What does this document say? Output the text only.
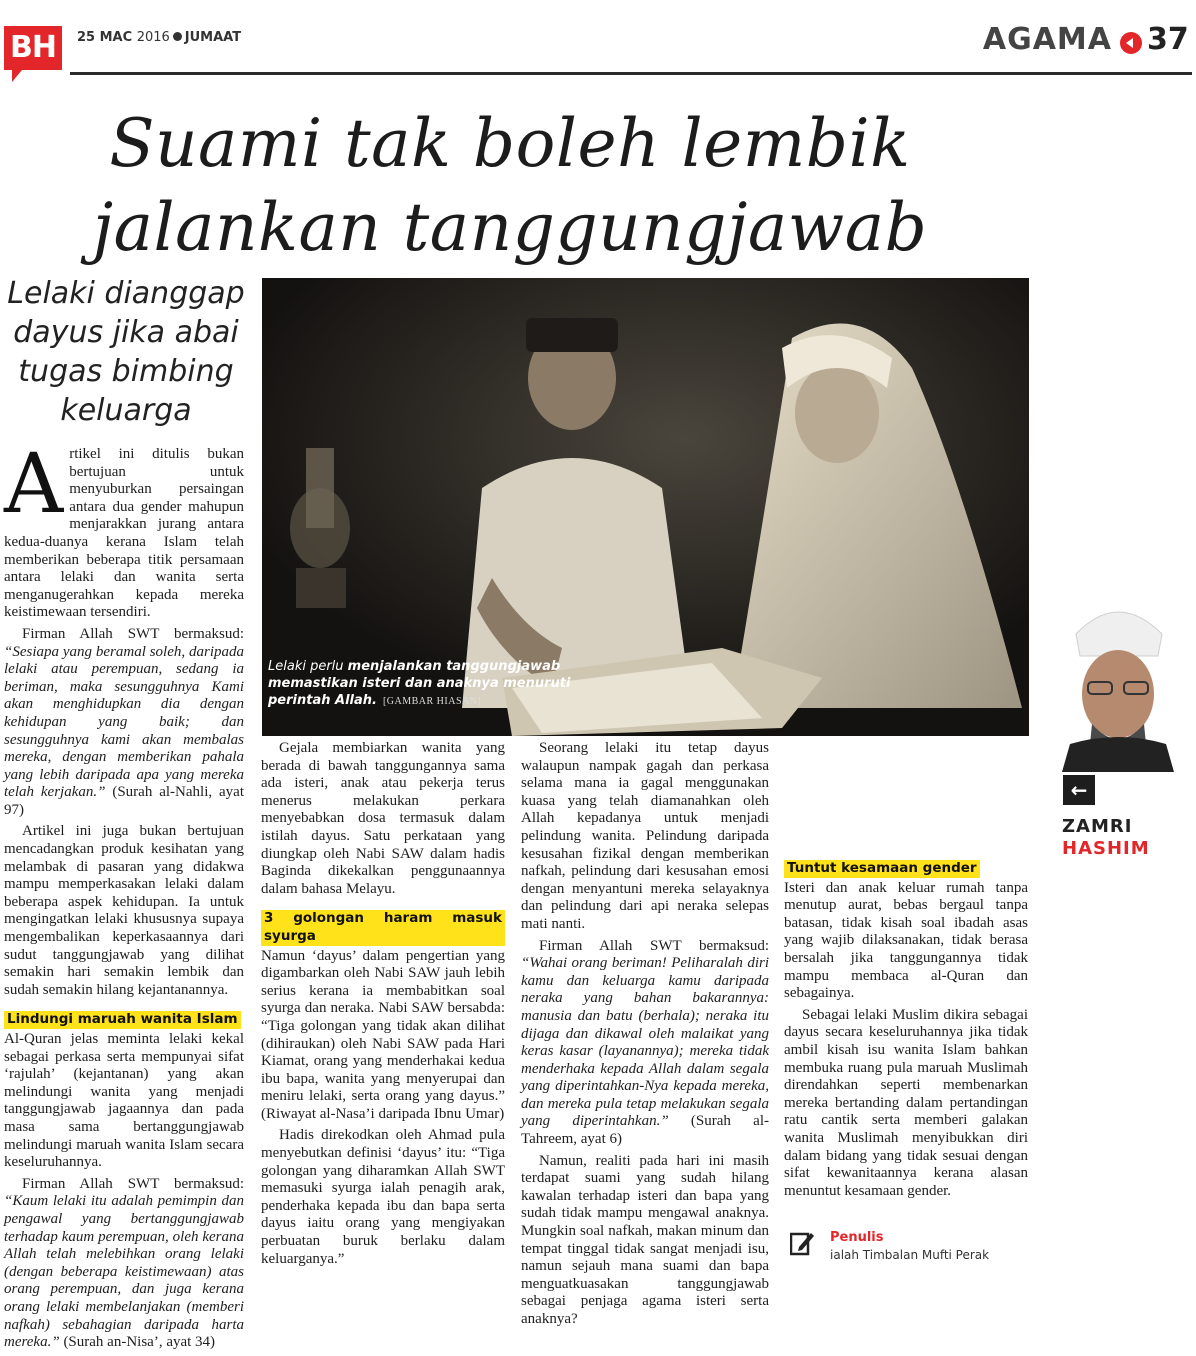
BH	25 MAC 2016 JUMAAT	AGAMA 37
Suami tak boleh lembik
jalankan tanggungjawab
Lelaki dianggap dayus jika abai tugas bimbing keluarga
Lelaki perlu menjalankan tanggungjawab memastikan isteri dan anaknya menuruti perintah Allah. [GAMBAR HIASAN]

Artikel ini ditulis bukan bertujuan untuk menyuburkan persaingan antara dua gender mahupun menjarakkan jurang antara kedua-duanya kerana Islam telah memberikan beberapa titik persamaan antara lelaki dan wanita serta menganugerahkan kepada mereka keistimewaan tersendiri.

Firman Allah SWT bermaksud: “Sesiapa yang beramal soleh, daripada lelaki atau perempuan, sedang ia beriman, maka sesungguhnya Kami akan menghidupkan dia dengan kehidupan yang baik; dan sesungguhnya kami akan membalas mereka, dengan memberikan pahala yang lebih daripada apa yang mereka telah kerjakan.” (Surah al-Nahli, ayat 97)

Artikel ini juga bukan bertujuan mencadangkan produk kesihatan yang melambak di pasaran yang didakwa mampu memperkasakan lelaki dalam beberapa aspek kehidupan. Ia untuk mengingatkan lelaki khususnya supaya mengembalikan keperkasaannya dari sudut tanggungjawab yang dilihat semakin hari semakin lembik dan sudah semakin hilang kejantanannya.

Lindungi maruah wanita Islam

Al-Quran jelas meminta lelaki kekal sebagai perkasa serta mempunyai sifat ‘rajulah’ (kejantanan) yang akan melindungi wanita yang menjadi tanggungjawab jagaannya dan pada masa sama bertanggungjawab melindungi maruah wanita Islam secara keseluruhannya.

Firman Allah SWT bermaksud: “Kaum lelaki itu adalah pemimpin dan pengawal yang bertanggungjawab terhadap kaum perempuan, oleh kerana Allah telah melebihkan orang lelaki (dengan beberapa keistimewaan) atas orang perempuan, dan juga kerana orang lelaki membelanjakan (memberi nafkah) sebahagian daripada harta mereka.” (Surah an-Nisa’, ayat 34)

Gejala membiarkan wanita yang berada di bawah tanggungannya sama ada isteri, anak atau pekerja terus menerus melakukan perkara menyebabkan dosa termasuk dalam istilah dayus. Satu perkataan yang diungkap oleh Nabi SAW dalam hadis Baginda dikekalkan penggunaannya dalam bahasa Melayu.

3 golongan haram masuk syurga

Namun ‘dayus’ dalam pengertian yang digambarkan oleh Nabi SAW jauh lebih serius kerana ia membabitkan soal syurga dan neraka. Nabi SAW bersabda: “Tiga golongan yang tidak akan dilihat (dihiraukan) oleh Nabi SAW pada Hari Kiamat, orang yang menderhakai kedua ibu bapa, wanita yang menyerupai dan meniru lelaki, serta orang yang dayus.” (Riwayat al-Nasa’i daripada Ibnu Umar)

Hadis direkodkan oleh Ahmad pula menyebutkan definisi ‘dayus’ itu: “Tiga golongan yang diharamkan Allah SWT memasuki syurga ialah penagih arak, penderhaka kepada ibu dan bapa serta dayus iaitu orang yang mengiyakan perbuatan buruk berlaku dalam keluarganya.”

Seorang lelaki itu tetap dayus walaupun nampak gagah dan perkasa selama mana ia gagal menggunakan kuasa yang telah diamanahkan oleh Allah kepadanya untuk menjadi pelindung wanita. Pelindung daripada kesusahan fizikal dengan memberikan nafkah, pelindung dari kesusahan emosi dengan menyantuni mereka selayaknya dan pelindung dari api neraka selepas mati nanti.

Firman Allah SWT bermaksud: “Wahai orang beriman! Peliharalah diri kamu dan keluarga kamu daripada neraka yang bahan bakarannya: manusia dan batu (berhala); neraka itu dijaga dan dikawal oleh malaikat yang keras kasar (layanannya); mereka tidak menderhaka kepada Allah dalam segala yang diperintahkan-Nya kepada mereka, dan mereka pula tetap melakukan segala yang diperintahkan.” (Surah al-Tahreem, ayat 6)

Namun, realiti pada hari ini masih terdapat suami yang sudah hilang kawalan terhadap isteri dan bapa yang sudah tidak mampu mengawal anaknya. Mungkin soal nafkah, makan minum dan tempat tinggal tidak sangat menjadi isu, namun sejauh mana suami dan bapa menguatkuasakan tanggungjawab sebagai penjaga agama isteri serta anaknya?

Tuntut kesamaan gender

Isteri dan anak keluar rumah tanpa menutup aurat, bebas bergaul tanpa batasan, tidak kisah soal ibadah asas yang wajib dilaksanakan, tidak berasa bersalah jika tanggungannya tidak mampu membaca al-Quran dan sebagainya.

Sebagai lelaki Muslim dikira sebagai dayus secara keseluruhannya jika tidak ambil kisah isu wanita Islam bahkan membuka ruang pula maruah Muslimah direndahkan seperti membenarkan mereka bertanding dalam pertandingan ratu cantik serta memberi galakan wanita Muslimah menyibukkan diri dalam bidang yang tidak sesuai dengan sifat kewanitaannya kerana alasan menuntut kesamaan gender.

←
ZAMRI
HASHIM
Penulis
ialah Timbalan Mufti Perak
